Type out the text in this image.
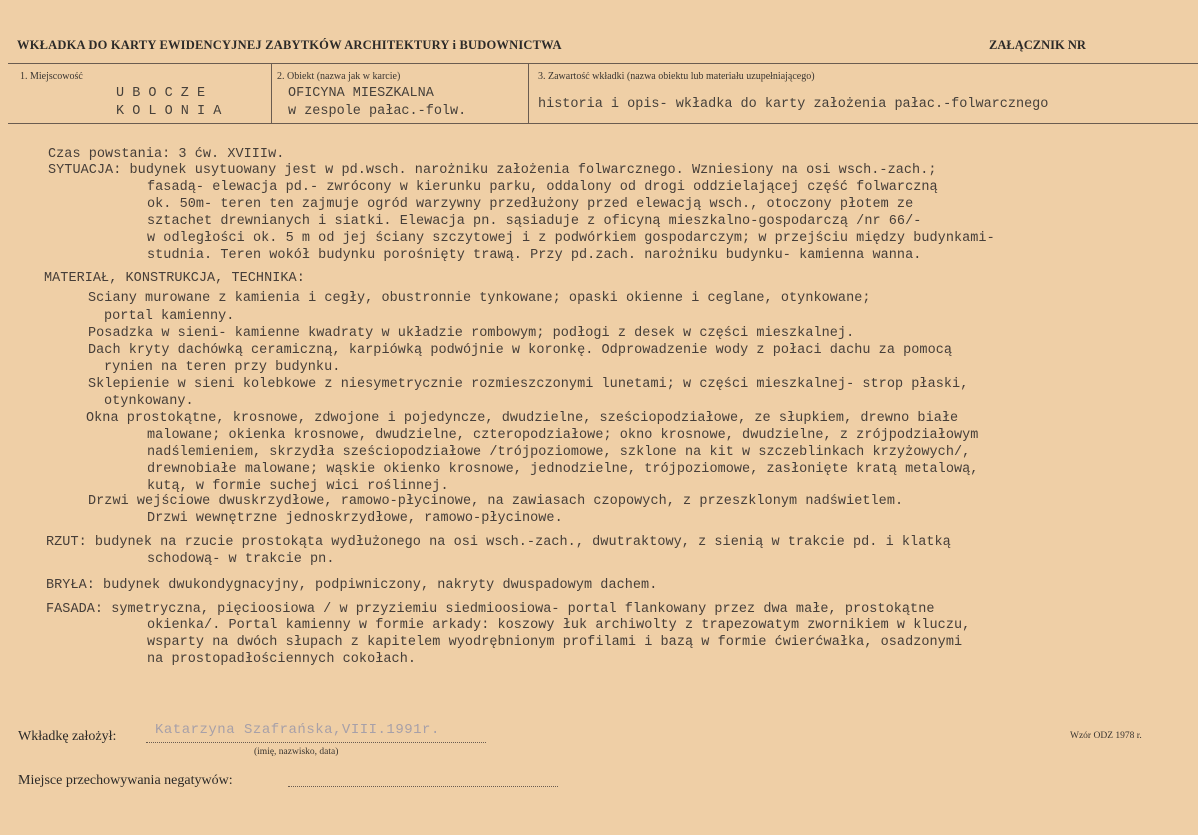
WKŁADKA DO KARTY EWIDENCYJNEJ ZABYTKÓW ARCHITEKTURY i BUDOWNICTWA	ZAŁĄCZNIK NR
1. Miejscowość
U B O C Z E
K O L O N I A
2. Obiekt (nazwa jak w karcie)
OFICYNA MIESZKALNA
w zespole pałac.-folw.
3. Zawartość wkładki (nazwa obiektu lub materiału uzupełniającego)
historia i opis- wkładka do karty założenia pałac.-folwarcznego
Czas powstania: 3 ćw. XVIIIw.
SYTUACJA: budynek usytuowany jest w pd.wsch. narożniku założenia folwarcznego. Wzniesiony na osi wsch.-zach.;
fasadą- elewacja pd.- zwrócony w kierunku parku, oddalony od drogi oddzielającej część folwarczną
ok. 50m- teren ten zajmuje ogród warzywny przedłużony przed elewacją wsch., otoczony płotem ze
sztachet drewnianych i siatki. Elewacja pn. sąsiaduje z oficyną mieszkalno-gospodarczą /nr 66/-
w odległości ok. 5 m od jej ściany szczytowej i z podwórkiem gospodarczym; w przejściu między budynkami-
studnia. Teren wokół budynku porośnięty trawą. Przy pd.zach. narożniku budynku- kamienna wanna.
MATERIAŁ, KONSTRUKCJA, TECHNIKA:
Sciany murowane z kamienia i cegły, obustronnie tynkowane; opaski okienne i ceglane, otynkowane;
portal kamienny.
Posadzka w sieni- kamienne kwadraty w układzie rombowym; podłogi z desek w części mieszkalnej.
Dach kryty dachówką ceramiczną, karpiówką podwójnie w koronkę. Odprowadzenie wody z połaci dachu za pomocą
rynien na teren przy budynku.
Sklepienie w sieni kolebkowe z niesymetrycznie rozmieszczonymi lunetami; w części mieszkalnej- strop płaski,
otynkowany.
Okna prostokątne, krosnowe, zdwojone i pojedyncze, dwudzielne, sześciopodziałowe, ze słupkiem, drewno białe
malowane; okienka krosnowe, dwudzielne, czteropodziałowe; okno krosnowe, dwudzielne, z zrójpodziałowym
nadślemieniem, skrzydła sześciopodziałowe /trójpoziomowe, szklone na kit w szczeblinkach krzyżowych/,
drewnobiałe malowane; wąskie okienko krosnowe, jednodzielne, trójpoziomowe, zasłonięte kratą metalową,
kutą, w formie suchej wici roślinnej.
Drzwi wejściowe dwuskrzydłowe, ramowo-płycinowe, na zawiasach czopowych, z przeszklonym nadświetlem.
Drzwi wewnętrzne jednoskrzydłowe, ramowo-płycinowe.
RZUT: budynek na rzucie prostokąta wydłużonego na osi wsch.-zach., dwutraktowy, z sienią w trakcie pd. i klatką
schodową- w trakcie pn.
BRYŁA: budynek dwukondygnacyjny, podpiwniczony, nakryty dwuspadowym dachem.
FASADA: symetryczna, pięcioosiowa / w przyziemiu siedmioosiowa- portal flankowany przez dwa małe, prostokątne
okienka/. Portal kamienny w formie arkady: koszowy łuk archiwolty z trapezowatym zwornikiem w kluczu,
wsparty na dwóch słupach z kapitelem wyodrębnionym profilami i bazą w formie ćwierćwałka, osadzonymi
na prostopadłościennych cokołach.
Wkładkę założył:	Katarzyna Szafrańska,VIII.1991r.
(imię, nazwisko, data)
Wzór ODZ 1978 r.
Miejsce przechowywania negatywów:
